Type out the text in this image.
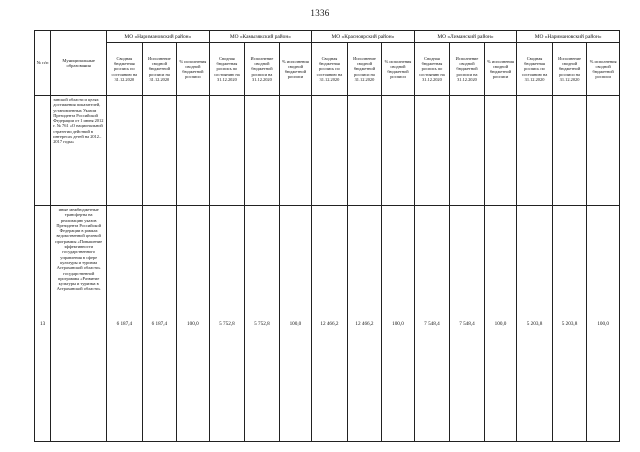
1336
№ п/п	Муниципальные образования	МО «Наримановский район»			МО «Камызякский район»			МО «Красноярский район»			МО «Лиманский район»			МО «Наримановский район»		
		Сводная бюджетная роспись по состоянию на 31.12.2020	Исполнение сводной бюджетной росписи на 31.12.2020	% исполнения сводной бюджетной росписи	Сводная бюджетная роспись по состоянию на 31.12.2020	Исполнение сводной бюджетной росписи на 31.12.2020	% исполнения сводной бюджетной росписи	Сводная бюджетная роспись по состоянию на 31.12.2020	Исполнение сводной бюджетной росписи на 31.12.2020	% исполнения сводной бюджетной росписи	Сводная бюджетная роспись по состоянию на 31.12.2020	Исполнение сводной бюджетной росписи на 31.12.2020	% исполнения сводной бюджетной росписи	Сводная бюджетная роспись по состоянию на 31.12.2020	Исполнение сводной бюджетной росписи на 31.12.2020	% исполнения сводной бюджетной росписи
	занской области и целях достижения показателей, установленных Указом Президента Российской Федерации от 1 июня 2012 г. № 761 «О национальной стратегии действий в интересах детей на 2012–2017 годы»															
13	иные межбюджетные трансферты на реализацию указов Президента Российской Федерации в рамках ведомственной целевой программы «Повышение эффективности государственного управления в сфере культуры и туризма Астраханской области» государственной программы «Развитие культуры и туризма в Астраханской области»	6 187,4	6 187,4	100,0	5 752,8	5 752,8	100,0	12 466,2	12 466,2	100,0	7 548,4	7 548,4	100,0	5 203,8	5 203,8	100,0
